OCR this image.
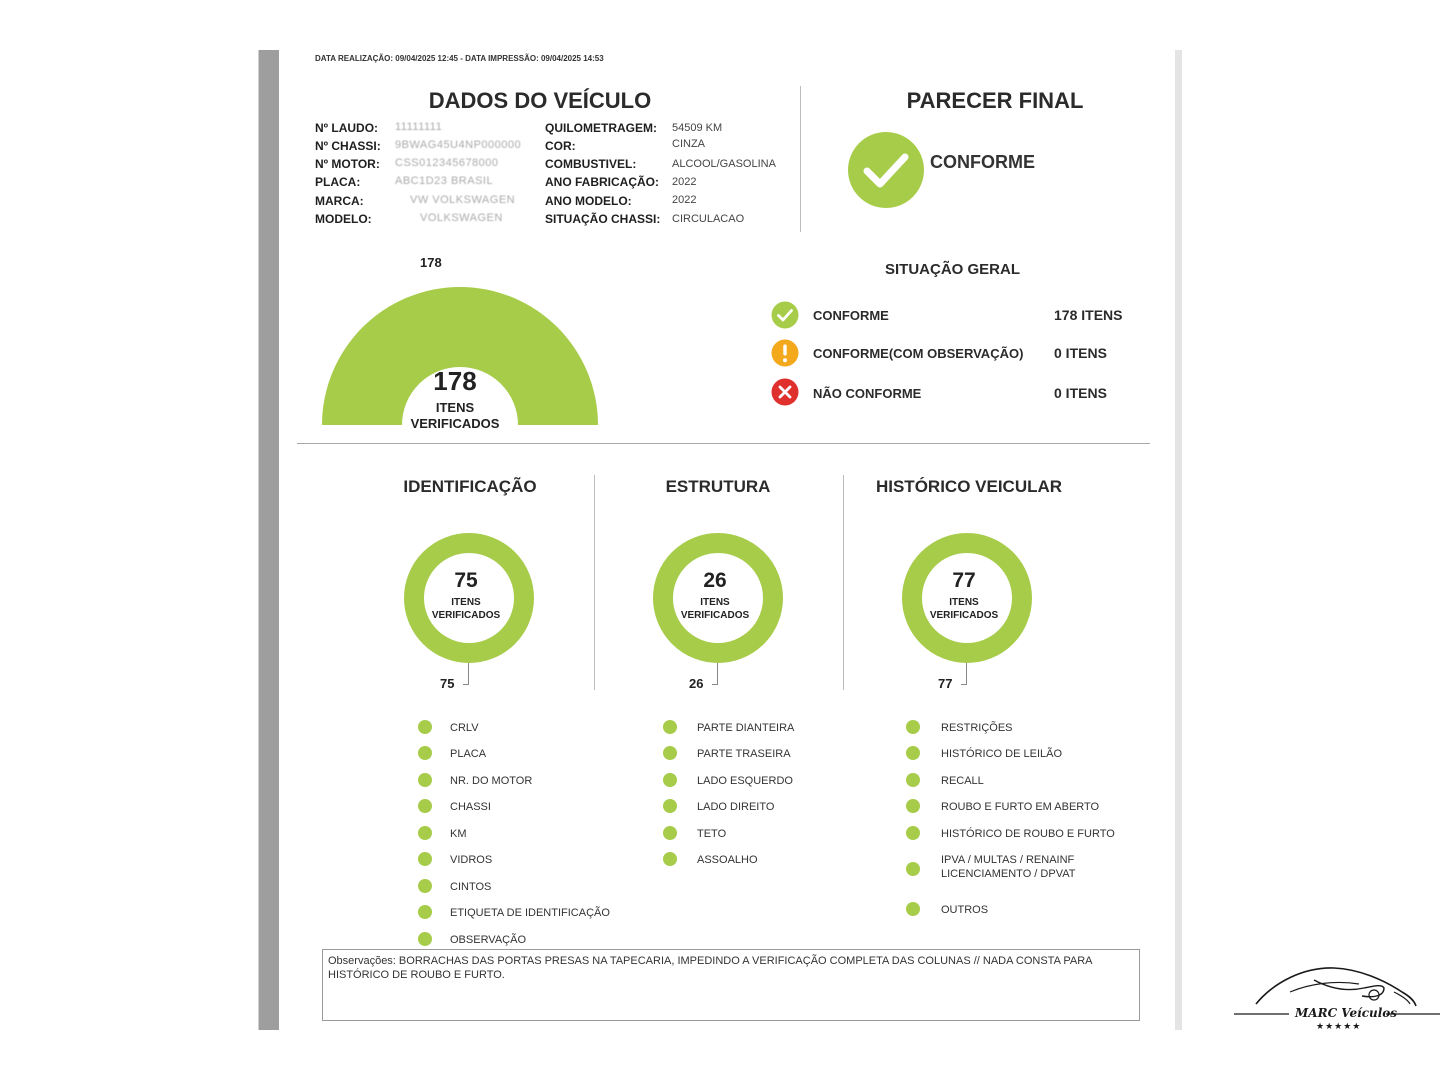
DATA REALIZAÇÃO: 09/04/2025 12:45 - DATA IMPRESSÃO: 09/04/2025 14:53
DADOS DO VEÍCULO
Nº LAUDO: 11111111
Nº CHASSI: 9BWAG45U4NP000000
Nº MOTOR: CSS012345678000
PLACA:	ABC1D23 BRASIL
MARCA:	VW VOLKSWAGEN
MODELO:	VOLKSWAGEN
QUILOMETRAGEM: 54509 KM
COR:	CINZA
COMBUSTIVEL:	ALCOOL/GASOLINA
ANO FABRICAÇÃO: 2022
ANO MODELO:	2022
SITUAÇÃO CHASSI: CIRCULACAO
PARECER FINAL
CONFORME
178
178
ITENS
VERIFICADOS
SITUAÇÃO GERAL
CONFORME	178 ITENS
CONFORME(COM OBSERVAÇÃO) 0 ITENS
NÃO CONFORME	0 ITENS
IDENTIFICAÇÃO	ESTRUTURA	HISTÓRICO VEICULAR
75
ITENS
VERIFICADOS
75
26
ITENS
VERIFICADOS
26
77
ITENS
VERIFICADOS
77
CRLV
PLACA
NR. DO MOTOR
CHASSI
KM
VIDROS
CINTOS
ETIQUETA DE IDENTIFICAÇÃO
OBSERVAÇÃO
PARTE DIANTEIRA
PARTE TRASEIRA
LADO ESQUERDO
LADO DIREITO
TETO
ASSOALHO
RESTRIÇÕES
HISTÓRICO DE LEILÃO
RECALL
ROUBO E FURTO EM ABERTO
HISTÓRICO DE ROUBO E FURTO
IPVA / MULTAS / RENAINF
LICENCIAMENTO / DPVAT
OUTROS
Observações: BORRACHAS DAS PORTAS PRESAS NA TAPECARIA, IMPEDINDO A VERIFICAÇÃO COMPLETA DAS COLUNAS // NADA CONSTA PARA HISTÓRICO DE ROUBO E FURTO.
MARC Veículos
★★★★★
